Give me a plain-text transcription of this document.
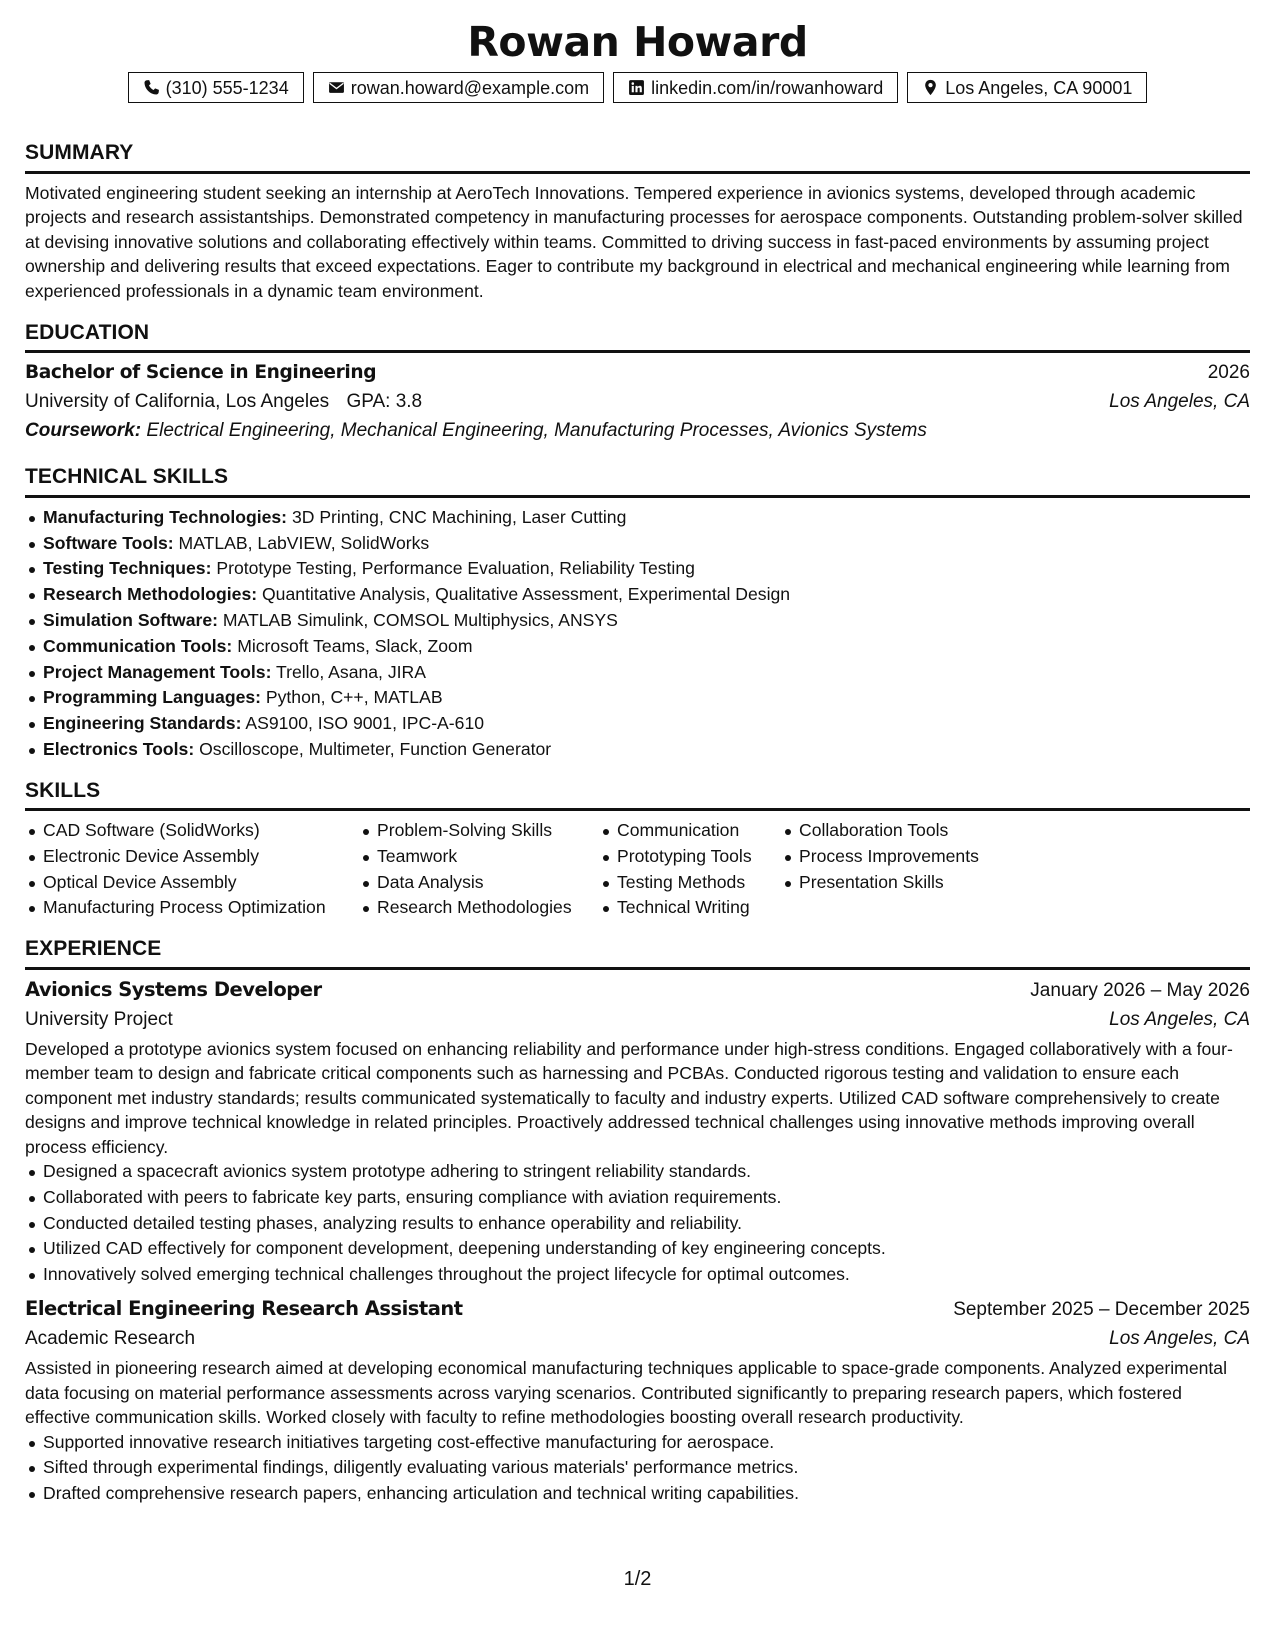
Rowan Howard
(310) 555-1234	rowan.howard@example.com	linkedin.com/in/rowanhoward	Los Angeles, CA 90001
SUMMARY
Motivated engineering student seeking an internship at AeroTech Innovations. Tempered experience in avionics systems, developed through academic projects and research assistantships. Demonstrated competency in manufacturing processes for aerospace components. Outstanding problem-solver skilled at devising innovative solutions and collaborating effectively within teams. Committed to driving success in fast-paced environments by assuming project ownership and delivering results that exceed expectations. Eager to contribute my background in electrical and mechanical engineering while learning from experienced professionals in a dynamic team environment.
EDUCATION
Bachelor of Science in Engineering	2026
University of California, Los Angeles GPA: 3.8	Los Angeles, CA
Coursework: Electrical Engineering, Mechanical Engineering, Manufacturing Processes, Avionics Systems
TECHNICAL SKILLS
Manufacturing Technologies: 3D Printing, CNC Machining, Laser Cutting
Software Tools: MATLAB, LabVIEW, SolidWorks
Testing Techniques: Prototype Testing, Performance Evaluation, Reliability Testing
Research Methodologies: Quantitative Analysis, Qualitative Assessment, Experimental Design
Simulation Software: MATLAB Simulink, COMSOL Multiphysics, ANSYS
Communication Tools: Microsoft Teams, Slack, Zoom
Project Management Tools: Trello, Asana, JIRA
Programming Languages: Python, C++, MATLAB
Engineering Standards: AS9100, ISO 9001, IPC-A-610
Electronics Tools: Oscilloscope, Multimeter, Function Generator
SKILLS
CAD Software (SolidWorks)
Electronic Device Assembly
Optical Device Assembly
Manufacturing Process Optimization
Problem-Solving Skills
Teamwork
Data Analysis
Research Methodologies
Communication
Prototyping Tools
Testing Methods
Technical Writing
Collaboration Tools
Process Improvements
Presentation Skills
EXPERIENCE
Avionics Systems Developer	January 2026 – May 2026
University Project	Los Angeles, CA
Developed a prototype avionics system focused on enhancing reliability and performance under high-stress conditions. Engaged collaboratively with a four-member team to design and fabricate critical components such as harnessing and PCBAs. Conducted rigorous testing and validation to ensure each component met industry standards; results communicated systematically to faculty and industry experts. Utilized CAD software comprehensively to create designs and improve technical knowledge in related principles. Proactively addressed technical challenges using innovative methods improving overall process efficiency.
Designed a spacecraft avionics system prototype adhering to stringent reliability standards.
Collaborated with peers to fabricate key parts, ensuring compliance with aviation requirements.
Conducted detailed testing phases, analyzing results to enhance operability and reliability.
Utilized CAD effectively for component development, deepening understanding of key engineering concepts.
Innovatively solved emerging technical challenges throughout the project lifecycle for optimal outcomes.
Electrical Engineering Research Assistant	September 2025 – December 2025
Academic Research	Los Angeles, CA
Assisted in pioneering research aimed at developing economical manufacturing techniques applicable to space-grade components. Analyzed experimental data focusing on material performance assessments across varying scenarios. Contributed significantly to preparing research papers, which fostered effective communication skills. Worked closely with faculty to refine methodologies boosting overall research productivity.
Supported innovative research initiatives targeting cost-effective manufacturing for aerospace.
Sifted through experimental findings, diligently evaluating various materials' performance metrics.
Drafted comprehensive research papers, enhancing articulation and technical writing capabilities.
1/2
